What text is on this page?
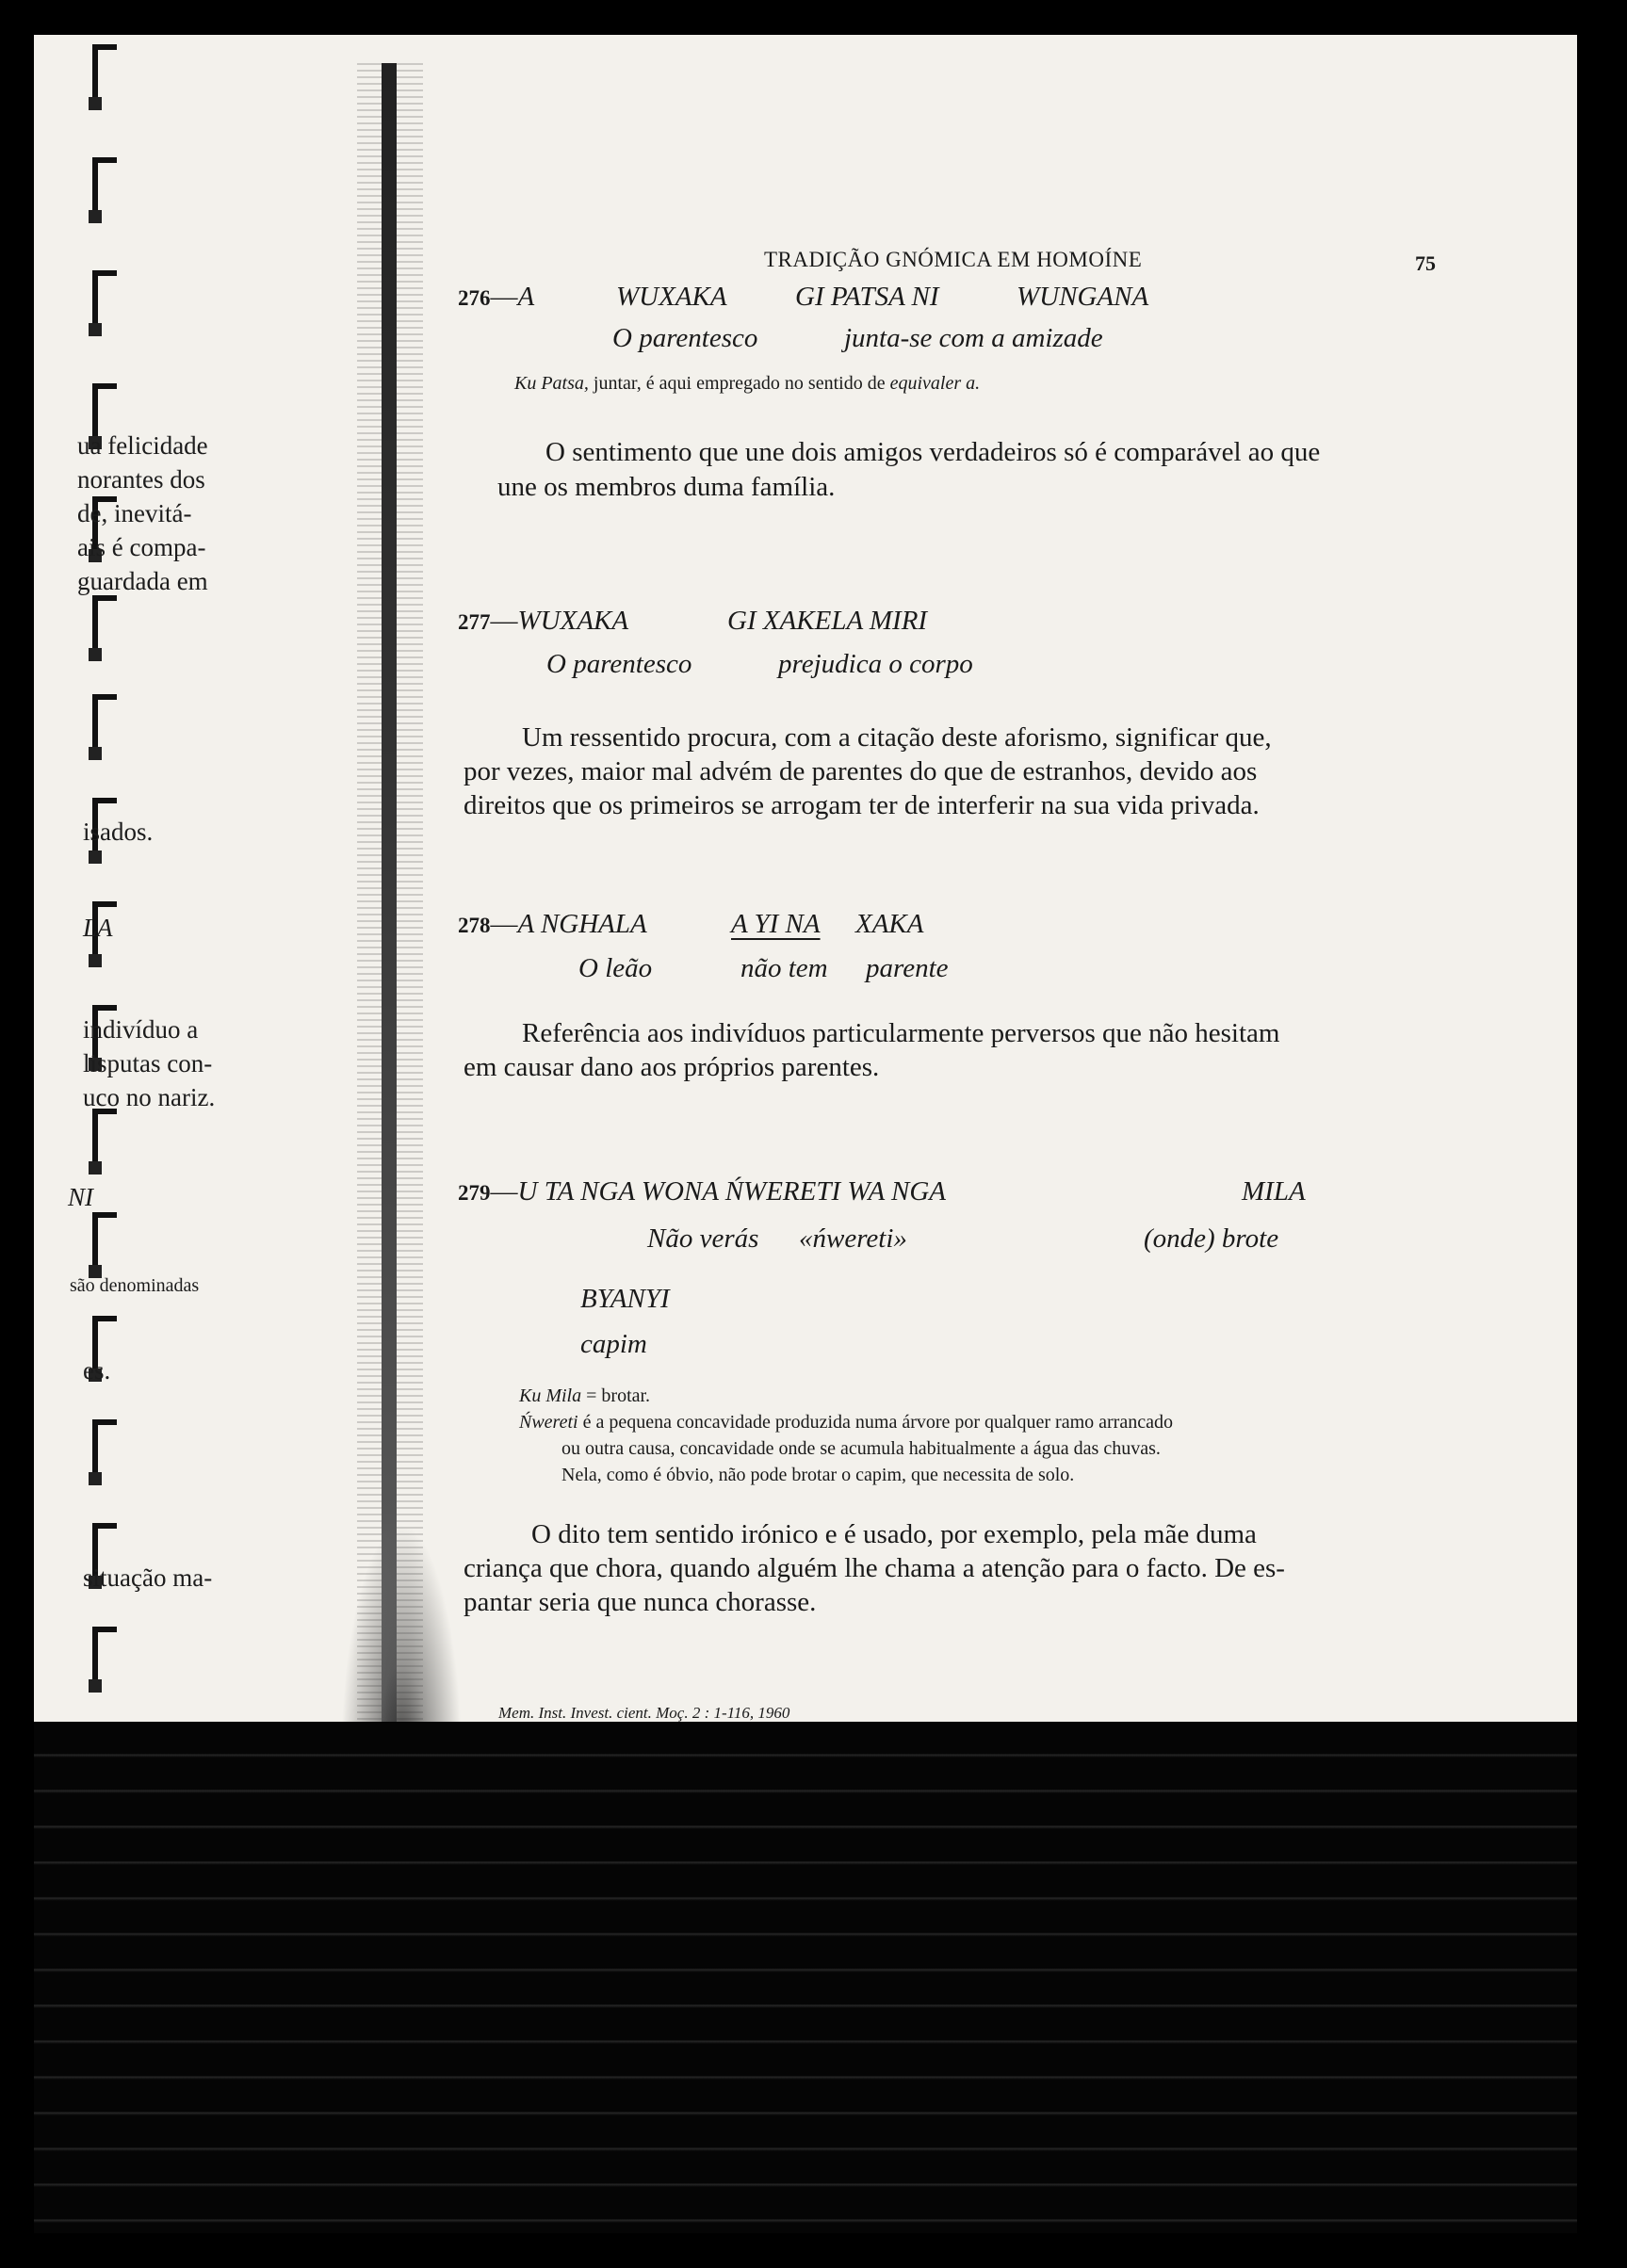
ua felicidade
norantes dos
de, inevitá-
ais é compa-
guardada em
isados.
LA
indivíduo a
lisputas con-
uco no nariz.
NI
são denominadas
es.
situação ma-
TRADIÇÃO GNÓMICA EM HOMOÍNE	75
276—A	WUXAKA GI PATSA NI	WUNGANA
O parentesco	junta-se com a amizade
Ku Patsa, juntar, é aqui empregado no sentido de equivaler a.
O sentimento que une dois amigos verdadeiros só é comparável ao que
une os membros duma família.
277—WUXAKA	GI XAKELA MIRI
O parentesco	prejudica o corpo
Um ressentido procura, com a citação deste aforismo, significar que,
por vezes, maior mal advém de parentes do que de estranhos, devido aos
direitos que os primeiros se arrogam ter de interferir na sua vida privada.
278—A NGHALA	A YI NA XAKA
O leão	não tem parente
Referência aos indivíduos particularmente perversos que não hesitam
em causar dano aos próprios parentes.
279—U TA NGA WONA ŃWERETI WA NGA	MILA
Não verás «ńwereti»	(onde) brote
BYANYI
capim
Ku Mila = brotar.
Ńwereti é a pequena concavidade produzida numa árvore por qualquer ramo arrancado
ou outra causa, concavidade onde se acumula habitualmente a água das chuvas.
Nela, como é óbvio, não pode brotar o capim, que necessita de solo.
O dito tem sentido irónico e é usado, por exemplo, pela mãe duma
criança que chora, quando alguém lhe chama a atenção para o facto. De es-
pantar seria que nunca chorasse.
Mem. Inst. Invest. cient. Moç. 2 : 1-116, 1960
